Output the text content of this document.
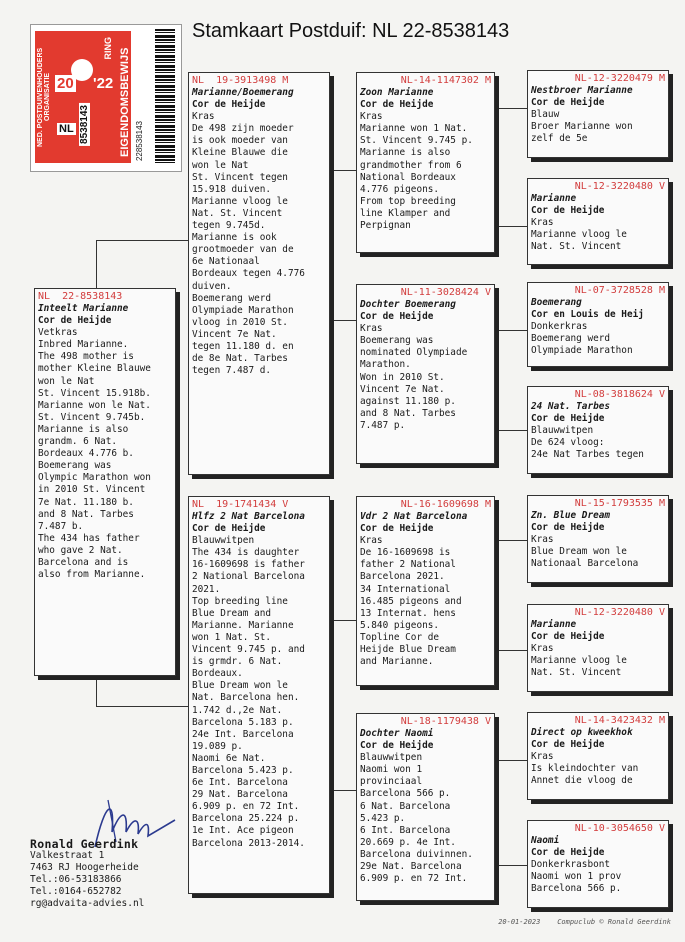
Stamkaart Postduif: NL 22-8538143
NED. POSTDUIVENHOUDERS ORGANISATIE 20 '22 EIGENDOMSBEWIJS
RING
NL 8538143	228538143
NL  22-8538143
Inteelt Marianne
Cor de Heijde
Vetkras
Inbred Marianne.
The 498 mother is
mother Kleine Blauwe
won le Nat
St. Vincent 15.918b.
Marianne won le Nat.
St. Vincent 9.745b.
Marianne is also
grandm. 6 Nat.
Bordeaux 4.776 b.
Boemerang was
Olympic Marathon won
in 2010 St. Vincent
7e Nat. 11.180 b.
and 8 Nat. Tarbes
7.487 b.
The 434 has father
who gave 2 Nat.
Barcelona and is
also from Marianne.
NL  19-3913498 M
Marianne/Boemerang
Cor de Heijde
Kras
De 498 zijn moeder
is ook moeder van
Kleine Blauwe die
won le Nat
St. Vincent tegen
15.918 duiven.
Marianne vloog le
Nat. St. Vincent
tegen 9.745d.
Marianne is ook
grootmoeder van de
6e Nationaal
Bordeaux tegen 4.776
duiven.
Boemerang werd
Olympiade Marathon
vloog in 2010 St.
Vincent 7e Nat.
tegen 11.180 d. en
de 8e Nat. Tarbes
tegen 7.487 d.
NL  19-1741434 V
Hlfz 2 Nat Barcelona
Cor de Heijde
Blauwwitpen
The 434 is daughter
16-1609698 is father
2 National Barcelona
2021.
Top breeding line
Blue Dream and
Marianne. Marianne
won 1 Nat. St.
Vincent 9.745 p. and
is grmdr. 6 Nat.
Bordeaux.
Blue Dream won le
Nat. Barcelona hen.
1.742 d.,2e Nat.
Barcelona 5.183 p.
24e Int. Barcelona
19.089 p.
Naomi 6e Nat.
Barcelona 5.423 p.
6e Int. Barcelona
29 Nat. Barcelona
6.909 p. en 72 Int.
Barcelona 25.224 p.
1e Int. Ace pigeon
Barcelona 2013-2014.
NL-14-1147302 M
Zoon Marianne
Cor de Heijde
Kras
Marianne won 1 Nat.
St. Vincent 9.745 p.
Marianne is also
grandmother from 6
National Bordeaux
4.776 pigeons.
From top breeding
line Klamper and
Perpignan
NL-11-3028424 V
Dochter Boemerang
Cor de Heijde
Kras
Boemerang was
nominated Olympiade
Marathon.
Won in 2010 St.
Vincent 7e Nat.
against 11.180 p.
and 8 Nat. Tarbes
7.487 p.
NL-16-1609698 M
Vdr 2 Nat Barcelona
Cor de Heijde
Kras
De 16-1609698 is
father 2 National
Barcelona 2021.
34 International
16.485 pigeons and
13 Internat. hens
5.840 pigeons.
Topline Cor de
Heijde Blue Dream
and Marianne.
NL-18-1179438 V
Dochter Naomi
Cor de Heijde
Blauwwitpen
Naomi won 1
provinciaal
Barcelona 566 p.
6 Nat. Barcelona
5.423 p.
6 Int. Barcelona
20.669 p. 4e Int.
Barcelona duivinnen.
29e Nat. Barcelona
6.909 p. en 72 Int.
NL-12-3220479 M
Nestbroer Marianne
Cor de Heijde
Blauw
Broer Marianne won
zelf de 5e
NL-12-3220480 V
Marianne
Cor de Heijde
Kras
Marianne vloog le
Nat. St. Vincent
NL-07-3728528 M
Boemerang
Cor en Louis de Heij
Donkerkras
Boemerang werd
Olympiade Marathon
NL-08-3818624 V
24 Nat. Tarbes
Cor de Heijde
Blauwwitpen
De 624 vloog:
24e Nat Tarbes tegen
NL-15-1793535 M
Zn. Blue Dream
Cor de Heijde
Kras
Blue Dream won le
Nationaal Barcelona
NL-12-3220480 V
Marianne
Cor de Heijde
Kras
Marianne vloog le
Nat. St. Vincent
NL-14-3423432 M
Direct op kweekhok
Cor de Heijde
Kras
Is kleindochter van
Annet die vloog de
NL-10-3054650 V
Naomi
Cor de Heijde
Donkerkrasbont
Naomi won 1 prov
Barcelona 566 p.
Ronald Geerdink
Valkestraat 1
7463 RJ Hoogerheide
Tel.:06-53183866
Tel.:0164-652782
rg@advaita-advies.nl
20-01-2023 Compuclub © Ronald Geerdink
